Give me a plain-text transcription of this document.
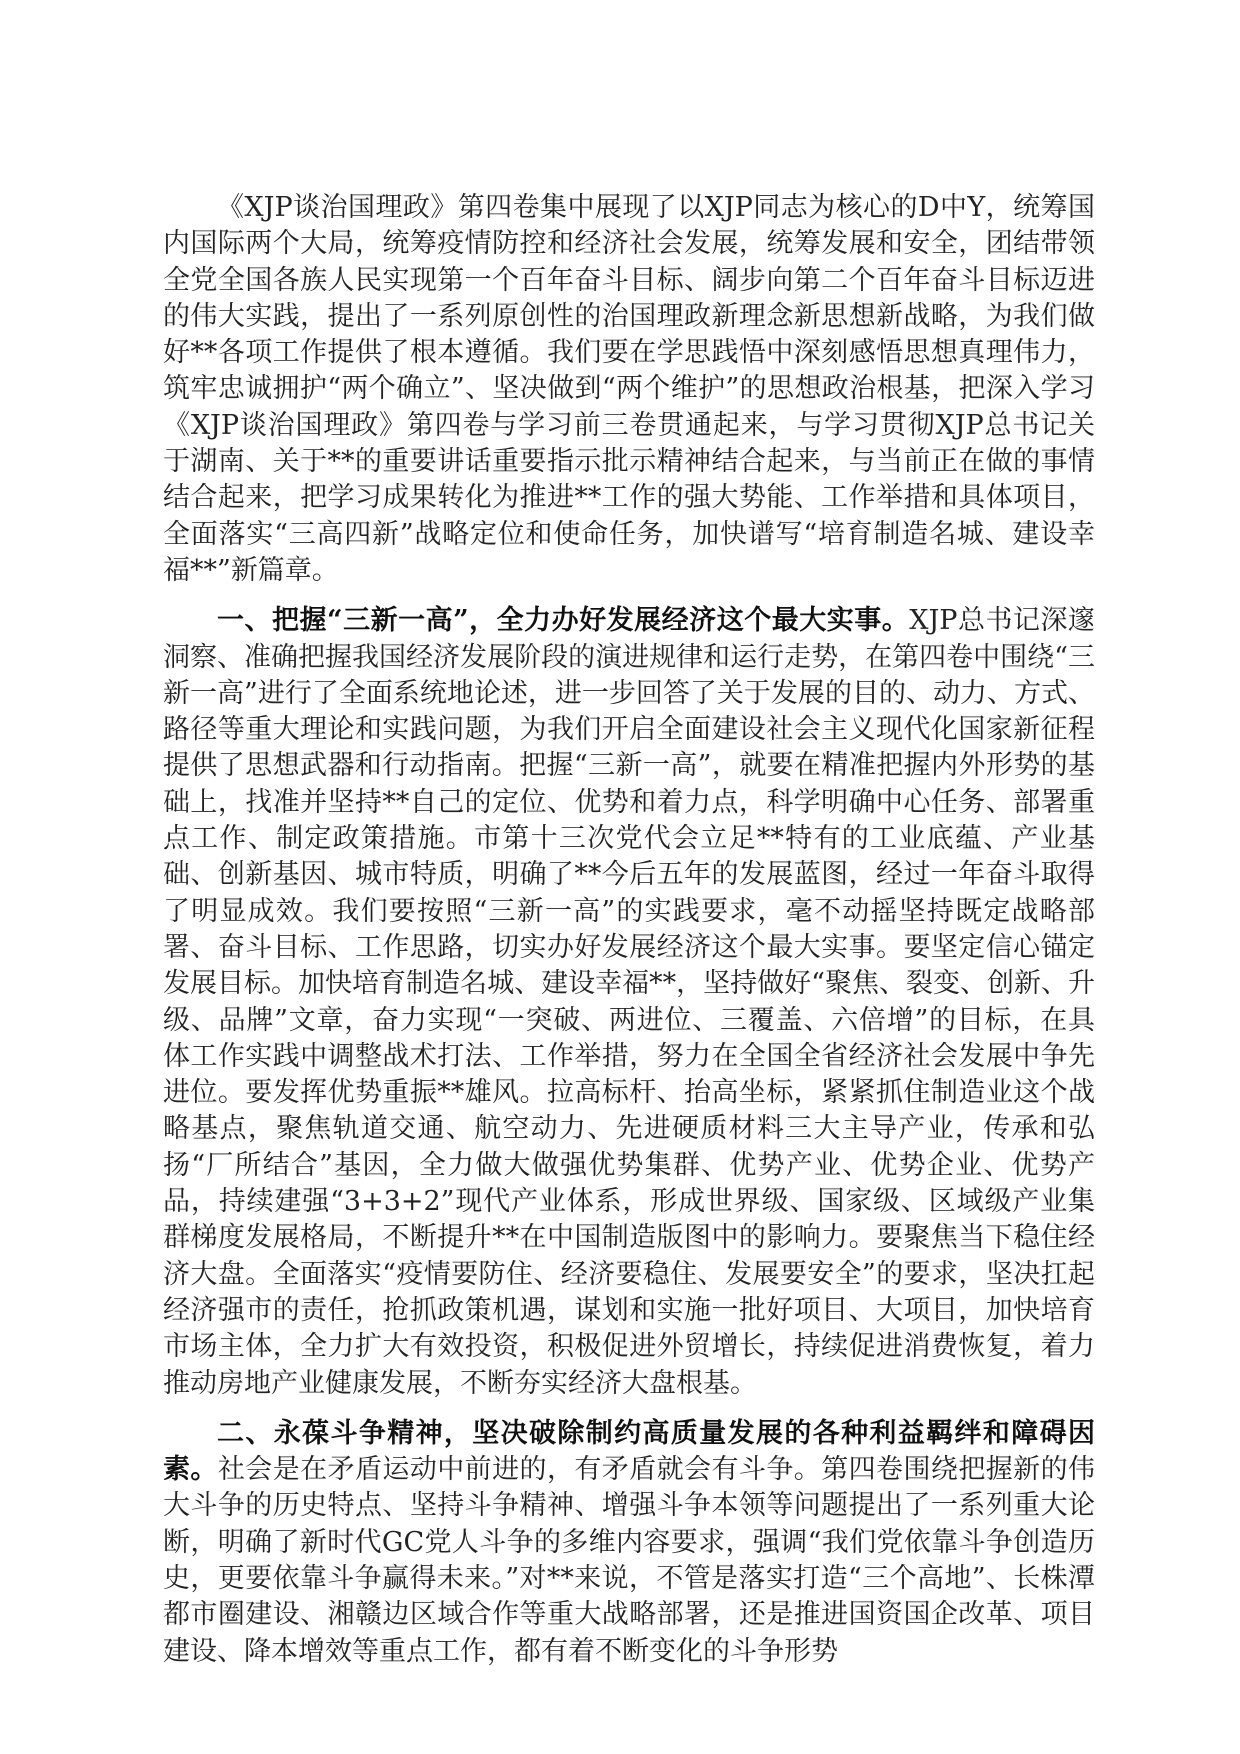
《XJP谈治国理政》第四卷集中展现了以XJP同志为核心的D中Y，统筹国内国际两个大局，统筹疫情防控和经济社会发展，统筹发展和安全，团结带领全党全国各族人民实现第一个百年奋斗目标、阔步向第二个百年奋斗目标迈进的伟大实践，提出了一系列原创性的治国理政新理念新思想新战略，为我们做好**各项工作提供了根本遵循。我们要在学思践悟中深刻感悟思想真理伟力，筑牢忠诚拥护“两个确立”、坚决做到“两个维护”的思想政治根基，把深入学习《XJP谈治国理政》第四卷与学习前三卷贯通起来，与学习贯彻XJP总书记关于湖南、关于**的重要讲话重要指示批示精神结合起来，与当前正在做的事情结合起来，把学习成果转化为推进**工作的强大势能、工作举措和具体项目，全面落实“三高四新”战略定位和使命任务，加快谱写“培育制造名城、建设幸福**”新篇章。

一、把握“三新一高”，全力办好发展经济这个最大实事。XJP总书记深邃洞察、准确把握我国经济发展阶段的演进规律和运行走势，在第四卷中围绕“三新一高”进行了全面系统地论述，进一步回答了关于发展的目的、动力、方式、路径等重大理论和实践问题，为我们开启全面建设社会主义现代化国家新征程提供了思想武器和行动指南。把握“三新一高”，就要在精准把握内外形势的基础上，找准并坚持**自己的定位、优势和着力点，科学明确中心任务、部署重点工作、制定政策措施。市第十三次党代会立足**特有的工业底蕴、产业基础、创新基因、城市特质，明确了**今后五年的发展蓝图，经过一年奋斗取得了明显成效。我们要按照“三新一高”的实践要求，毫不动摇坚持既定战略部署、奋斗目标、工作思路，切实办好发展经济这个最大实事。要坚定信心锚定发展目标。加快培育制造名城、建设幸福**，坚持做好“聚焦、裂变、创新、升级、品牌”文章，奋力实现“一突破、两进位、三覆盖、六倍增”的目标，在具体工作实践中调整战术打法、工作举措，努力在全国全省经济社会发展中争先进位。要发挥优势重振**雄风。拉高标杆、抬高坐标，紧紧抓住制造业这个战略基点，聚焦轨道交通、航空动力、先进硬质材料三大主导产业，传承和弘扬“厂所结合”基因，全力做大做强优势集群、优势产业、优势企业、优势产品，持续建强“3+3+2”现代产业体系，形成世界级、国家级、区域级产业集群梯度发展格局，不断提升**在中国制造版图中的影响力。要聚焦当下稳住经济大盘。全面落实“疫情要防住、经济要稳住、发展要安全”的要求，坚决扛起经济强市的责任，抢抓政策机遇，谋划和实施一批好项目、大项目，加快培育市场主体，全力扩大有效投资，积极促进外贸增长，持续促进消费恢复，着力推动房地产业健康发展，不断夯实经济大盘根基。

二、永葆斗争精神，坚决破除制约高质量发展的各种利益羁绊和障碍因素。社会是在矛盾运动中前进的，有矛盾就会有斗争。第四卷围绕把握新的伟大斗争的历史特点、坚持斗争精神、增强斗争本领等问题提出了一系列重大论断，明确了新时代GC党人斗争的多维内容要求，强调“我们党依靠斗争创造历史，更要依靠斗争赢得未来。”对**来说，不管是落实打造“三个高地”、长株潭都市圈建设、湘赣边区域合作等重大战略部署，还是推进国资国企改革、项目建设、降本增效等重点工作，都有着不断变化的斗争形势
